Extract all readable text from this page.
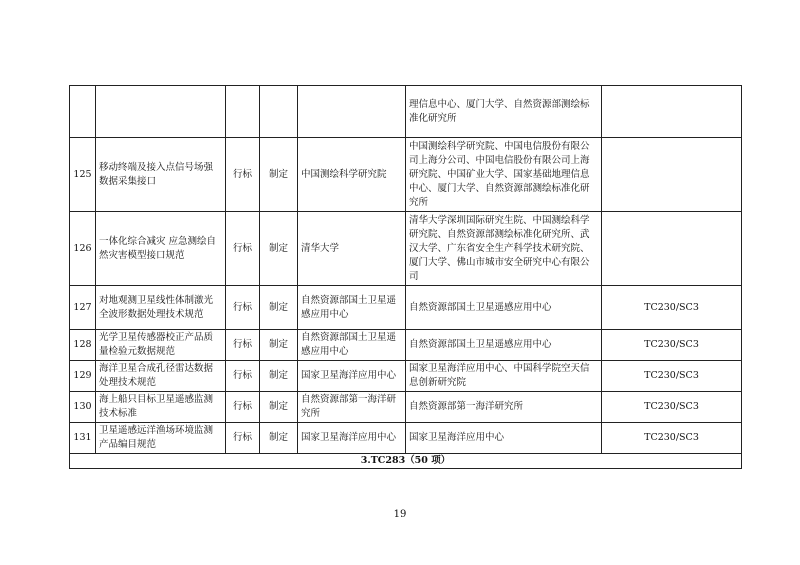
					理信息中心、厦门大学、自然资源部测绘标准化研究所	
125	移动终端及接入点信号场强数据采集接口	行标	制定	中国测绘科学研究院	中国测绘科学研究院、中国电信股份有限公司上海分公司、中国电信股份有限公司上海研究院、中国矿业大学、国家基础地理信息中心、厦门大学、自然资源部测绘标准化研究所	
126	一体化综合减灾 应急测绘自然灾害模型接口规范	行标	制定	清华大学	清华大学深圳国际研究生院、中国测绘科学研究院、自然资源部测绘标准化研究所、武汉大学、广东省安全生产科学技术研究院、厦门大学、佛山市城市安全研究中心有限公司	
127	对地观测卫星线性体制激光全波形数据处理技术规范	行标	制定	自然资源部国土卫星遥感应用中心	自然资源部国土卫星遥感应用中心	TC230/SC3
128	光学卫星传感器校正产品质量检验元数据规范	行标	制定	自然资源部国土卫星遥感应用中心	自然资源部国土卫星遥感应用中心	TC230/SC3
129	海洋卫星合成孔径雷达数据处理技术规范	行标	制定	国家卫星海洋应用中心	国家卫星海洋应用中心、中国科学院空天信息创新研究院	TC230/SC3
130	海上船只目标卫星遥感监测技术标准	行标	制定	自然资源部第一海洋研究所	自然资源部第一海洋研究所	TC230/SC3
131	卫星遥感远洋渔场环境监测产品编目规范	行标	制定	国家卫星海洋应用中心	国家卫星海洋应用中心	TC230/SC3
3.TC283（50 项）						
19
